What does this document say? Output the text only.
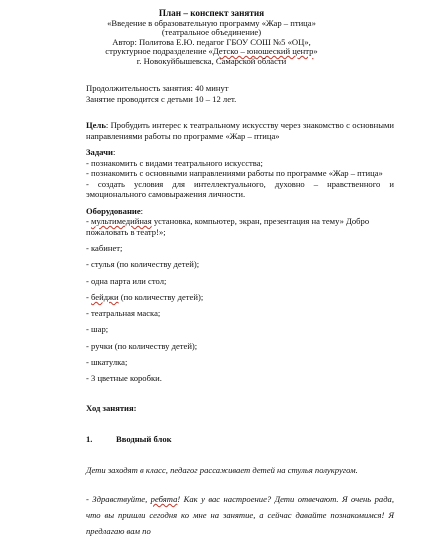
План – конспект занятия
«Введение в образовательную программу «Жар – птица»
(театральное объединение)
Автор: Политова Е.Ю. педагог ГБОУ СОШ №5 «ОЦ»,
структурное подразделение «Детско – юношеский центр»
г. Новокуйбышевска, Самарской области
Продолжительность занятия: 40 минут
Занятие проводится с детьми 10 – 12 лет.

Цель: Пробудить интерес к театральному искусству через знакомство с основными направлениями работы по программе «Жар – птица»

Задачи:

- познакомить с видами театрального искусства;

- познакомить с основными направлениями работы по программе «Жар – птица»

- создать условия для интеллектуального, духовно – нравственного и эмоционального самовыражения личности.

Оборудование:

- мультимедийная установка, компьютер, экран, презентация на тему» Добро пожаловать в театр!»;

- кабинет;

- стулья (по количеству детей);

- одна парта или стол;

- бейджи (по количеству детей);

- театральная маска;

- шар;

- ручки (по количеству детей);

- шкатулка;

- 3 цветные коробки.

Ход занятия:
1.	Вводный блок
Дети заходят в класс, педагог рассаживает детей на стулья полукругом.
- Здравствуйте, ребята! Как у вас настроение? Дети отвечают. Я очень рада, что вы пришли сегодня ко мне на занятие, а сейчас давайте познакомимся! Я предлагаю вам по
